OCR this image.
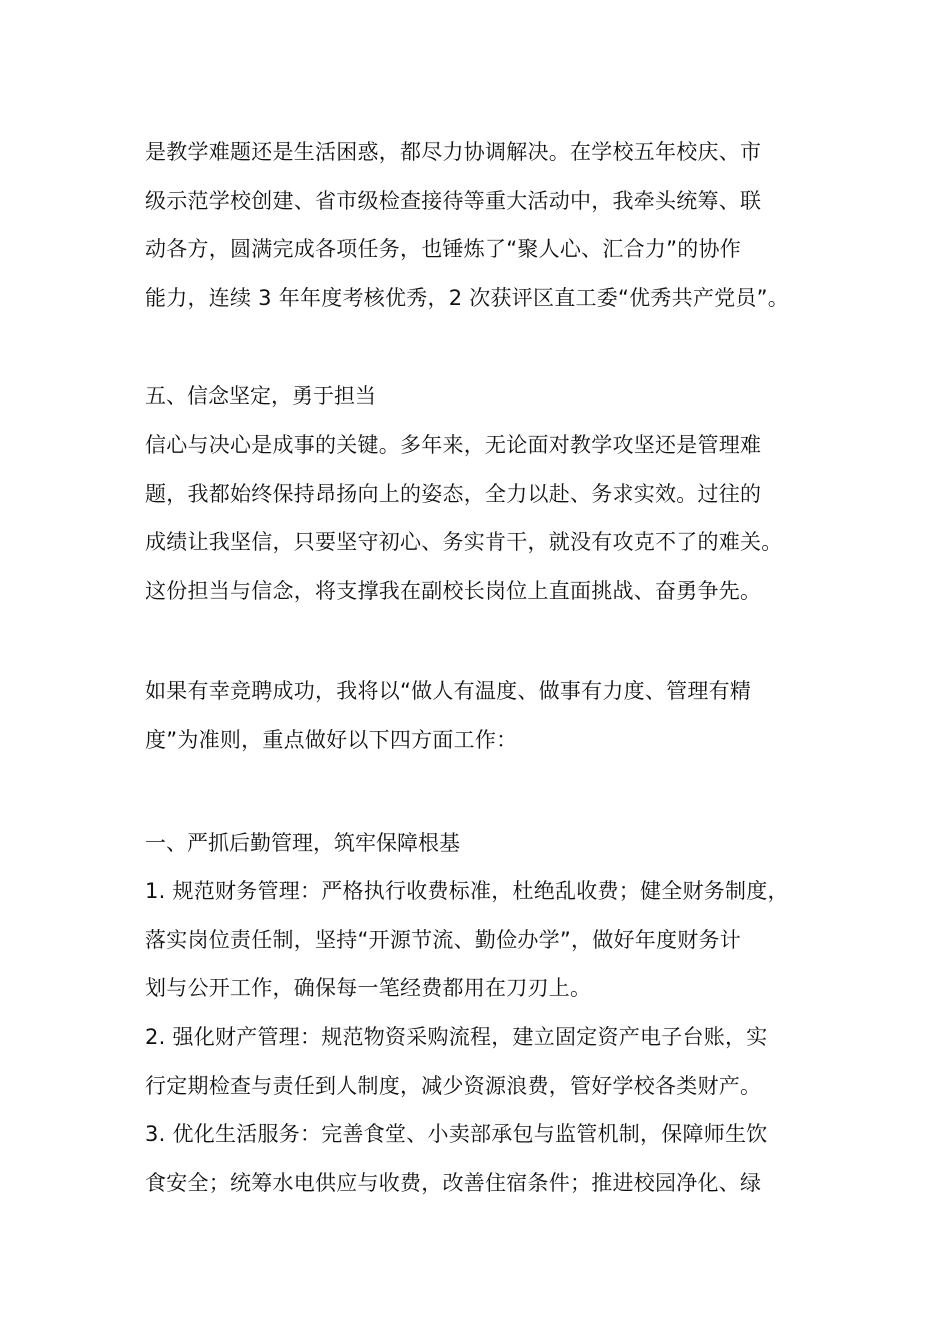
是教学难题还是生活困惑，都尽力协调解决。在学校五年校庆、市
级示范学校创建、省市级检查接待等重大活动中，我牵头统筹、联
动各方，圆满完成各项任务，也锤炼了“聚人心、汇合力”的协作
能力，连续 3 年年度考核优秀，2 次获评区直工委“优秀共产党员”。
五、信念坚定，勇于担当
信心与决心是成事的关键。多年来，无论面对教学攻坚还是管理难
题，我都始终保持昂扬向上的姿态，全力以赴、务求实效。过往的
成绩让我坚信，只要坚守初心、务实肯干，就没有攻克不了的难关。
这份担当与信念，将支撑我在副校长岗位上直面挑战、奋勇争先。
如果有幸竞聘成功，我将以“做人有温度、做事有力度、管理有精
度”为准则，重点做好以下四方面工作：
一、严抓后勤管理，筑牢保障根基
1. 规范财务管理：严格执行收费标准，杜绝乱收费；健全财务制度，
落实岗位责任制，坚持“开源节流、勤俭办学”，做好年度财务计
划与公开工作，确保每一笔经费都用在刀刃上。
2. 强化财产管理：规范物资采购流程，建立固定资产电子台账，实
行定期检查与责任到人制度，减少资源浪费，管好学校各类财产。
3. 优化生活服务：完善食堂、小卖部承包与监管机制，保障师生饮
食安全；统筹水电供应与收费，改善住宿条件；推进校园净化、绿
